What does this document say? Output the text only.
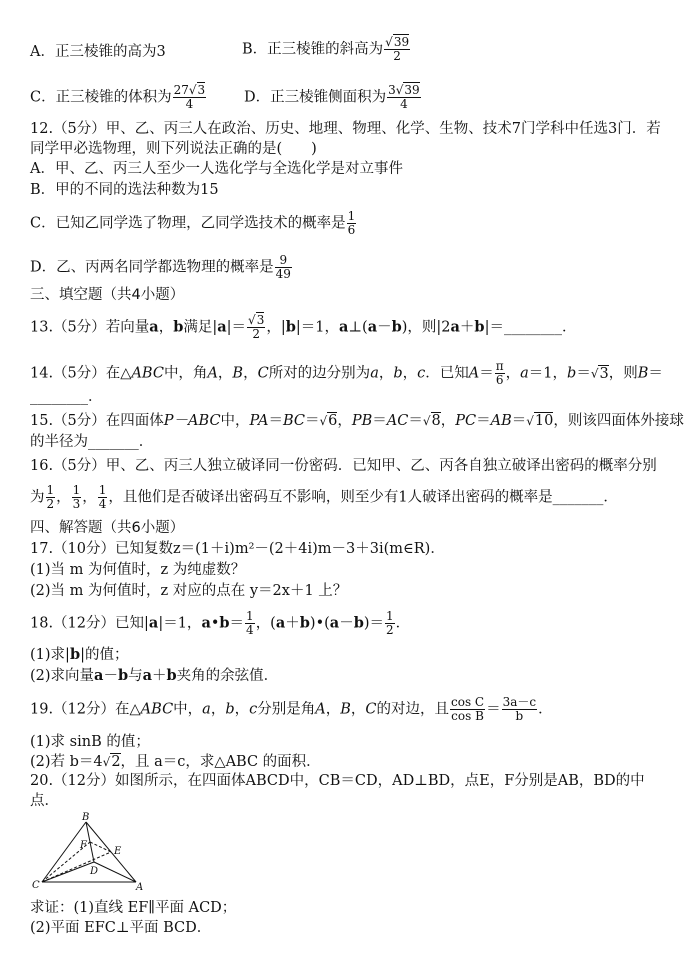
A．正三棱锥的高为3	B．正三棱锥的斜高为 $\frac{√39}{2}$
C．正三棱锥的体积为 $\frac{27√3}{4}$	D．正三棱锥侧面积为 $\frac{3√39}{4}$
12.（5分）甲、乙、丙三人在政治、历史、地理、物理、化学、生物、技术7门学科中任选3门．若
同学甲必选物理，则下列说法正确的是(　　)
A．甲、乙、丙三人至少一人选化学与全选化学是对立事件
B．甲的不同的选法种数为15
C．已知乙同学选了物理，乙同学选技术的概率是 $\frac{1}{6}$
D．乙、丙两名同学都选物理的概率是 $\frac{9}{49}$
三、填空题（共4小题）
13.（5分）若向量a，b满足$|a|= \frac{√3}{2}$ ，|b|＝1，a⊥(a－b)，则|2a＋b|＝________．
14.（5分）在△ABC中，角A，B，C所对的边分别为a，b，c．已知$A= \frac{\pi}{6}$ ，a＝1，b＝√3，则B＝
________．
15.（5分）在四面体P－ABC中，PA＝BC＝√6，PB＝AC＝√8，PC＝AB＝√10，则该四面体外接球
的半径为_______．
16.（5分）甲、乙、丙三人独立破译同一份密码．已知甲、乙、丙各自独立破译出密码的概率分别
为 $\frac{1}{2}$ ， $\frac{1}{3}$ ， $\frac{1}{4}$ ，且他们是否破译出密码互不影响，则至少有1人破译出密码的概率是_______．
四、解答题（共6小题）
17.（10分）已知复数z＝(1＋i)m²－(2＋4i)m－3＋3i(m∈R)．
(1)当 m 为何值时，z 为纯虚数？
(2)当 m 为何值时，z 对应的点在 y＝2x＋1 上？
18.（12分）已知|a|＝1，a•b＝ $\frac{1}{4}$ ，(a＋b)•(a－b)＝ $\frac{1}{2}$ ．
(1)求|b|的值；
(2)求向量a－b与a＋b夹角的余弦值．
19.（12分）在△ABC中，a，b，c分别是角A，B，C的对边，且 $\frac{\text{cos C}}{\text{cos B}} = \frac{3a-c}{b}$ ．
(1)求 sinB 的值；
(2)若 b＝4√2，且 a＝c，求△ABC 的面积．
20.（12分）如图所示，在四面体ABCD中，CB＝CD，AD⊥BD，点E，F分别是AB，BD的中
点．
B
C	A
D
E
F
求证：(1)直线 EF∥平面 ACD；
(2)平面 EFC⊥平面 BCD．
